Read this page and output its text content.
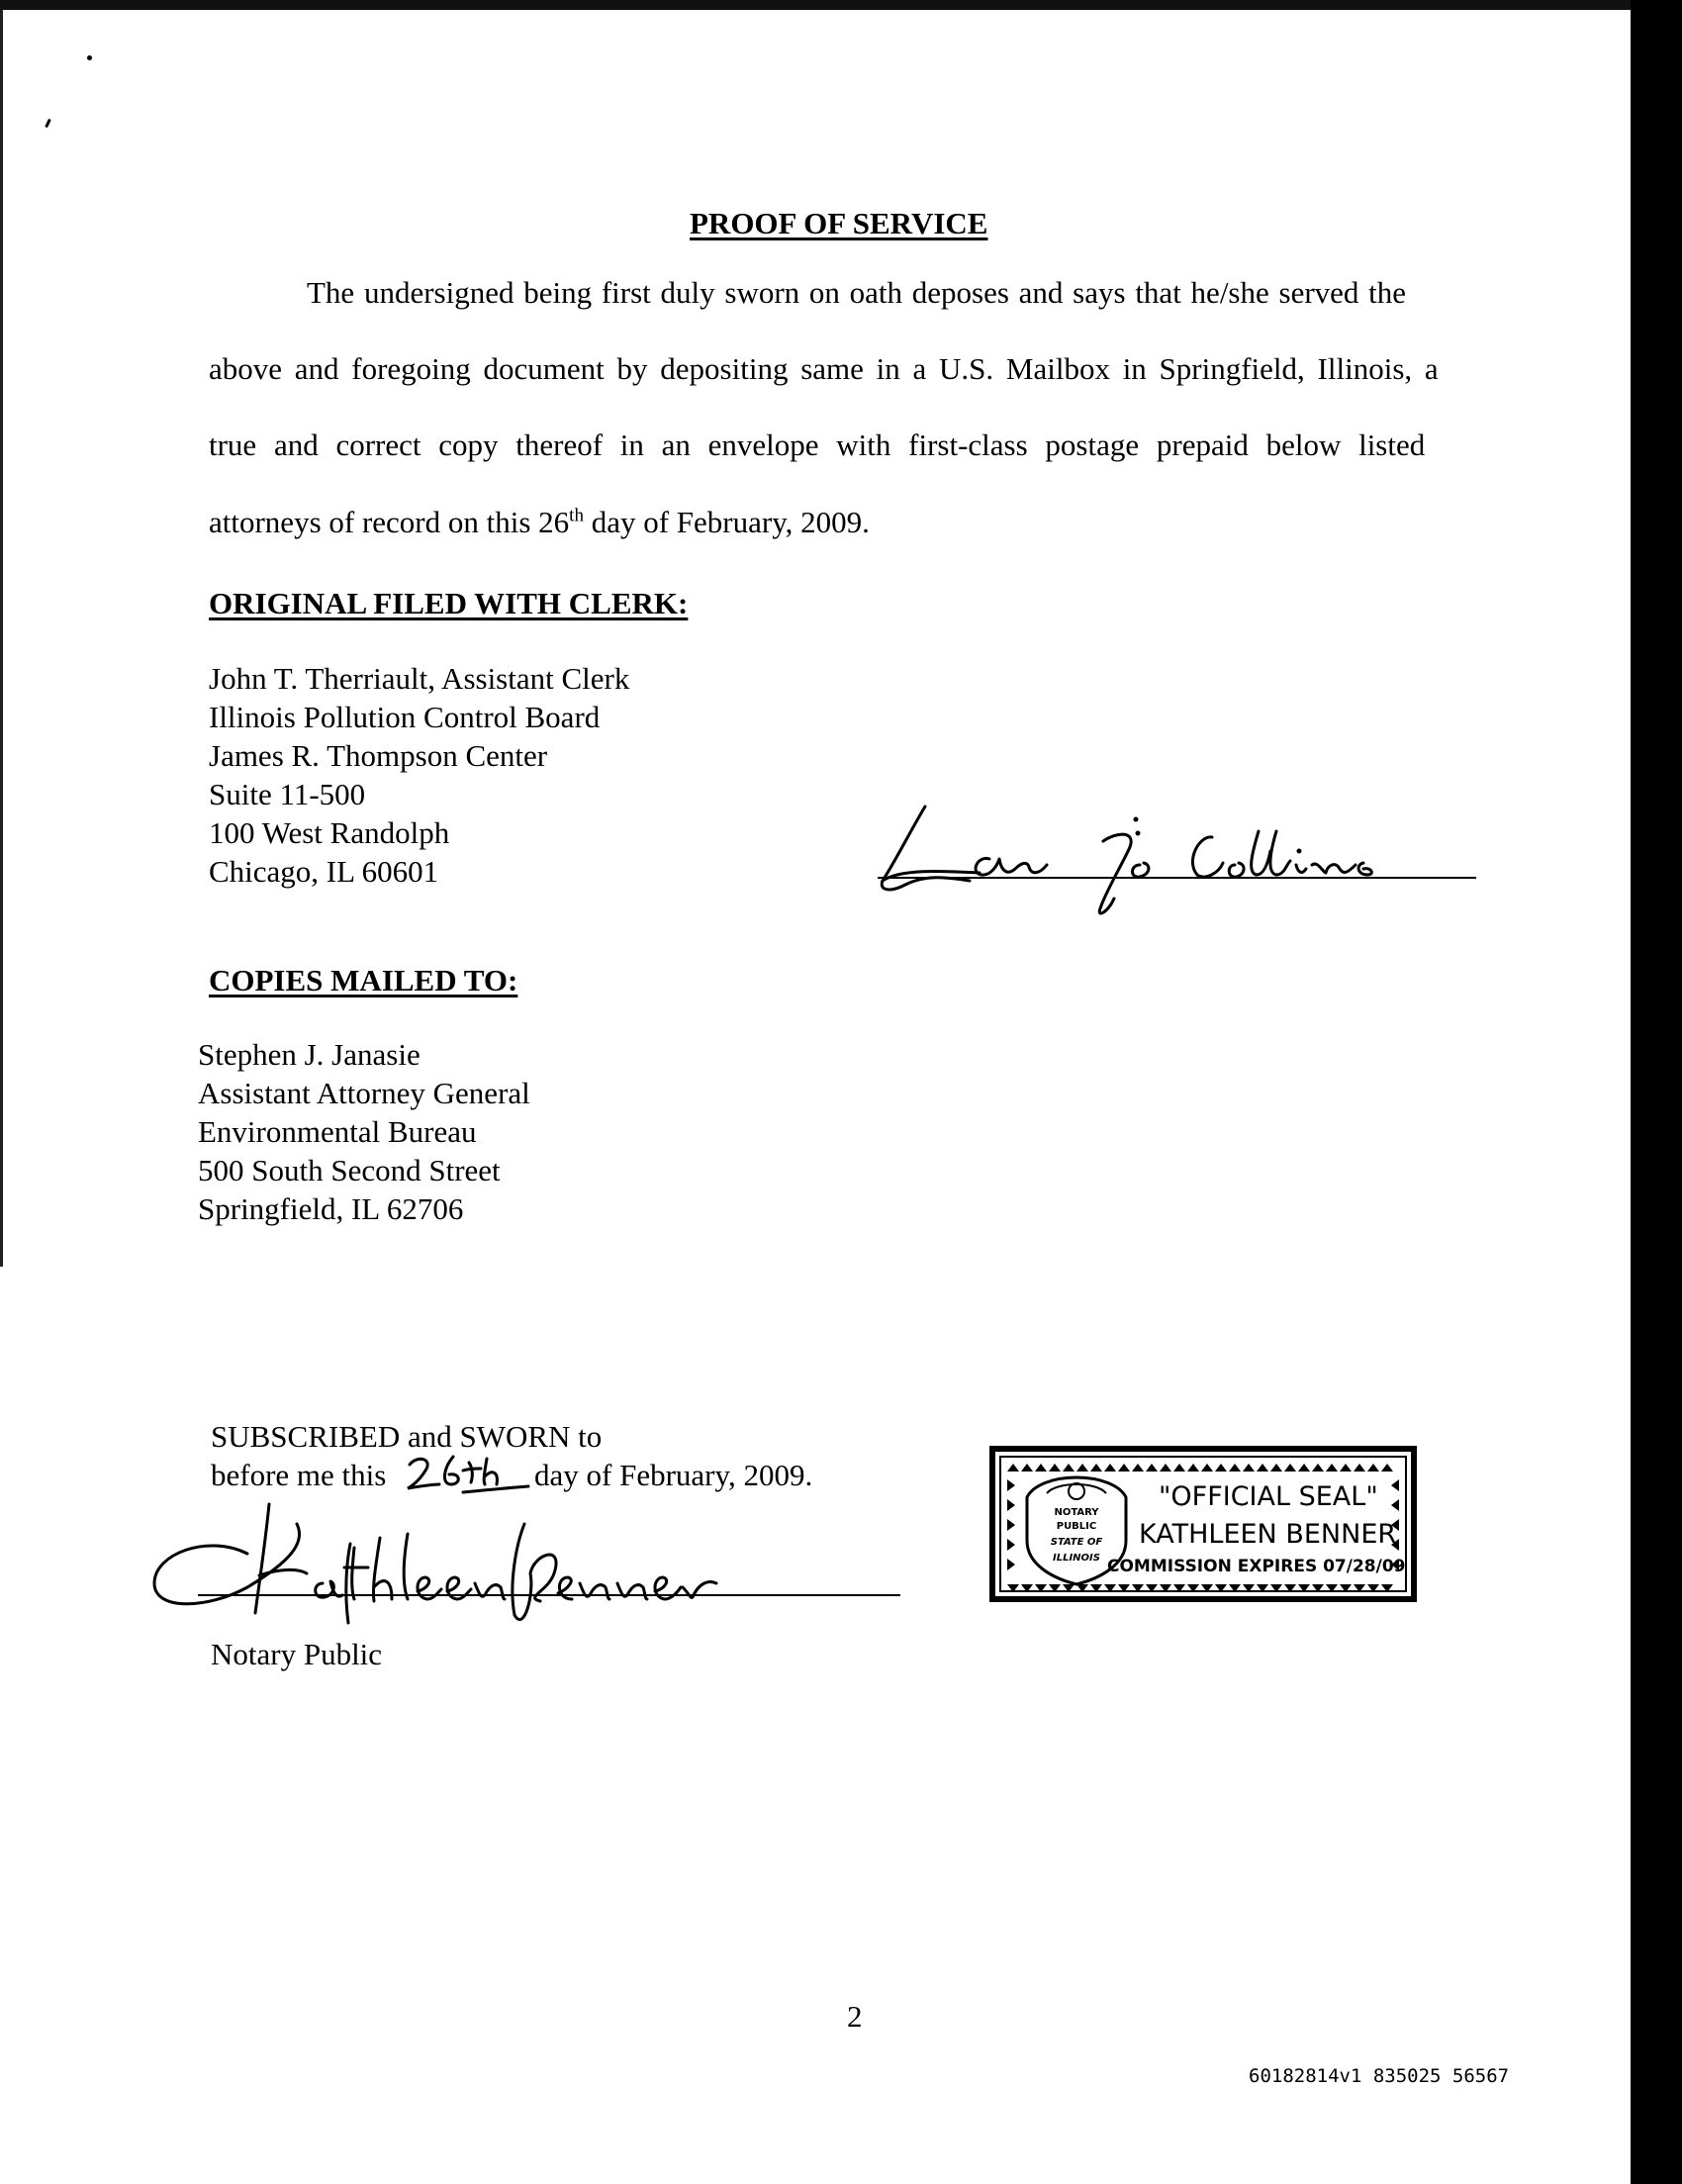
PROOF OF SERVICE
The undersigned being first duly sworn on oath deposes and says that he/she served the
above and foregoing document by depositing same in a U.S. Mailbox in Springfield, Illinois, a
true and correct copy thereof in an envelope with first-class postage prepaid below listed
attorneys of record on this 26th day of February, 2009.
ORIGINAL FILED WITH CLERK:
John T. Therriault, Assistant Clerk
Illinois Pollution Control Board
James R. Thompson Center
Suite 11-500
100 West Randolph
Chicago, IL 60601
COPIES MAILED TO:
Stephen J. Janasie
Assistant Attorney General
Environmental Bureau
500 South Second Street
Springfield, IL 62706
SUBSCRIBED and SWORN to
before me this	day of February, 2009.
Notary Public
NOTARY
PUBLIC
STATE OF
ILLINOIS
"OFFICIAL SEAL"
KATHLEEN BENNER
COMMISSION EXPIRES 07/28/09
2
60182814v1 835025 56567
